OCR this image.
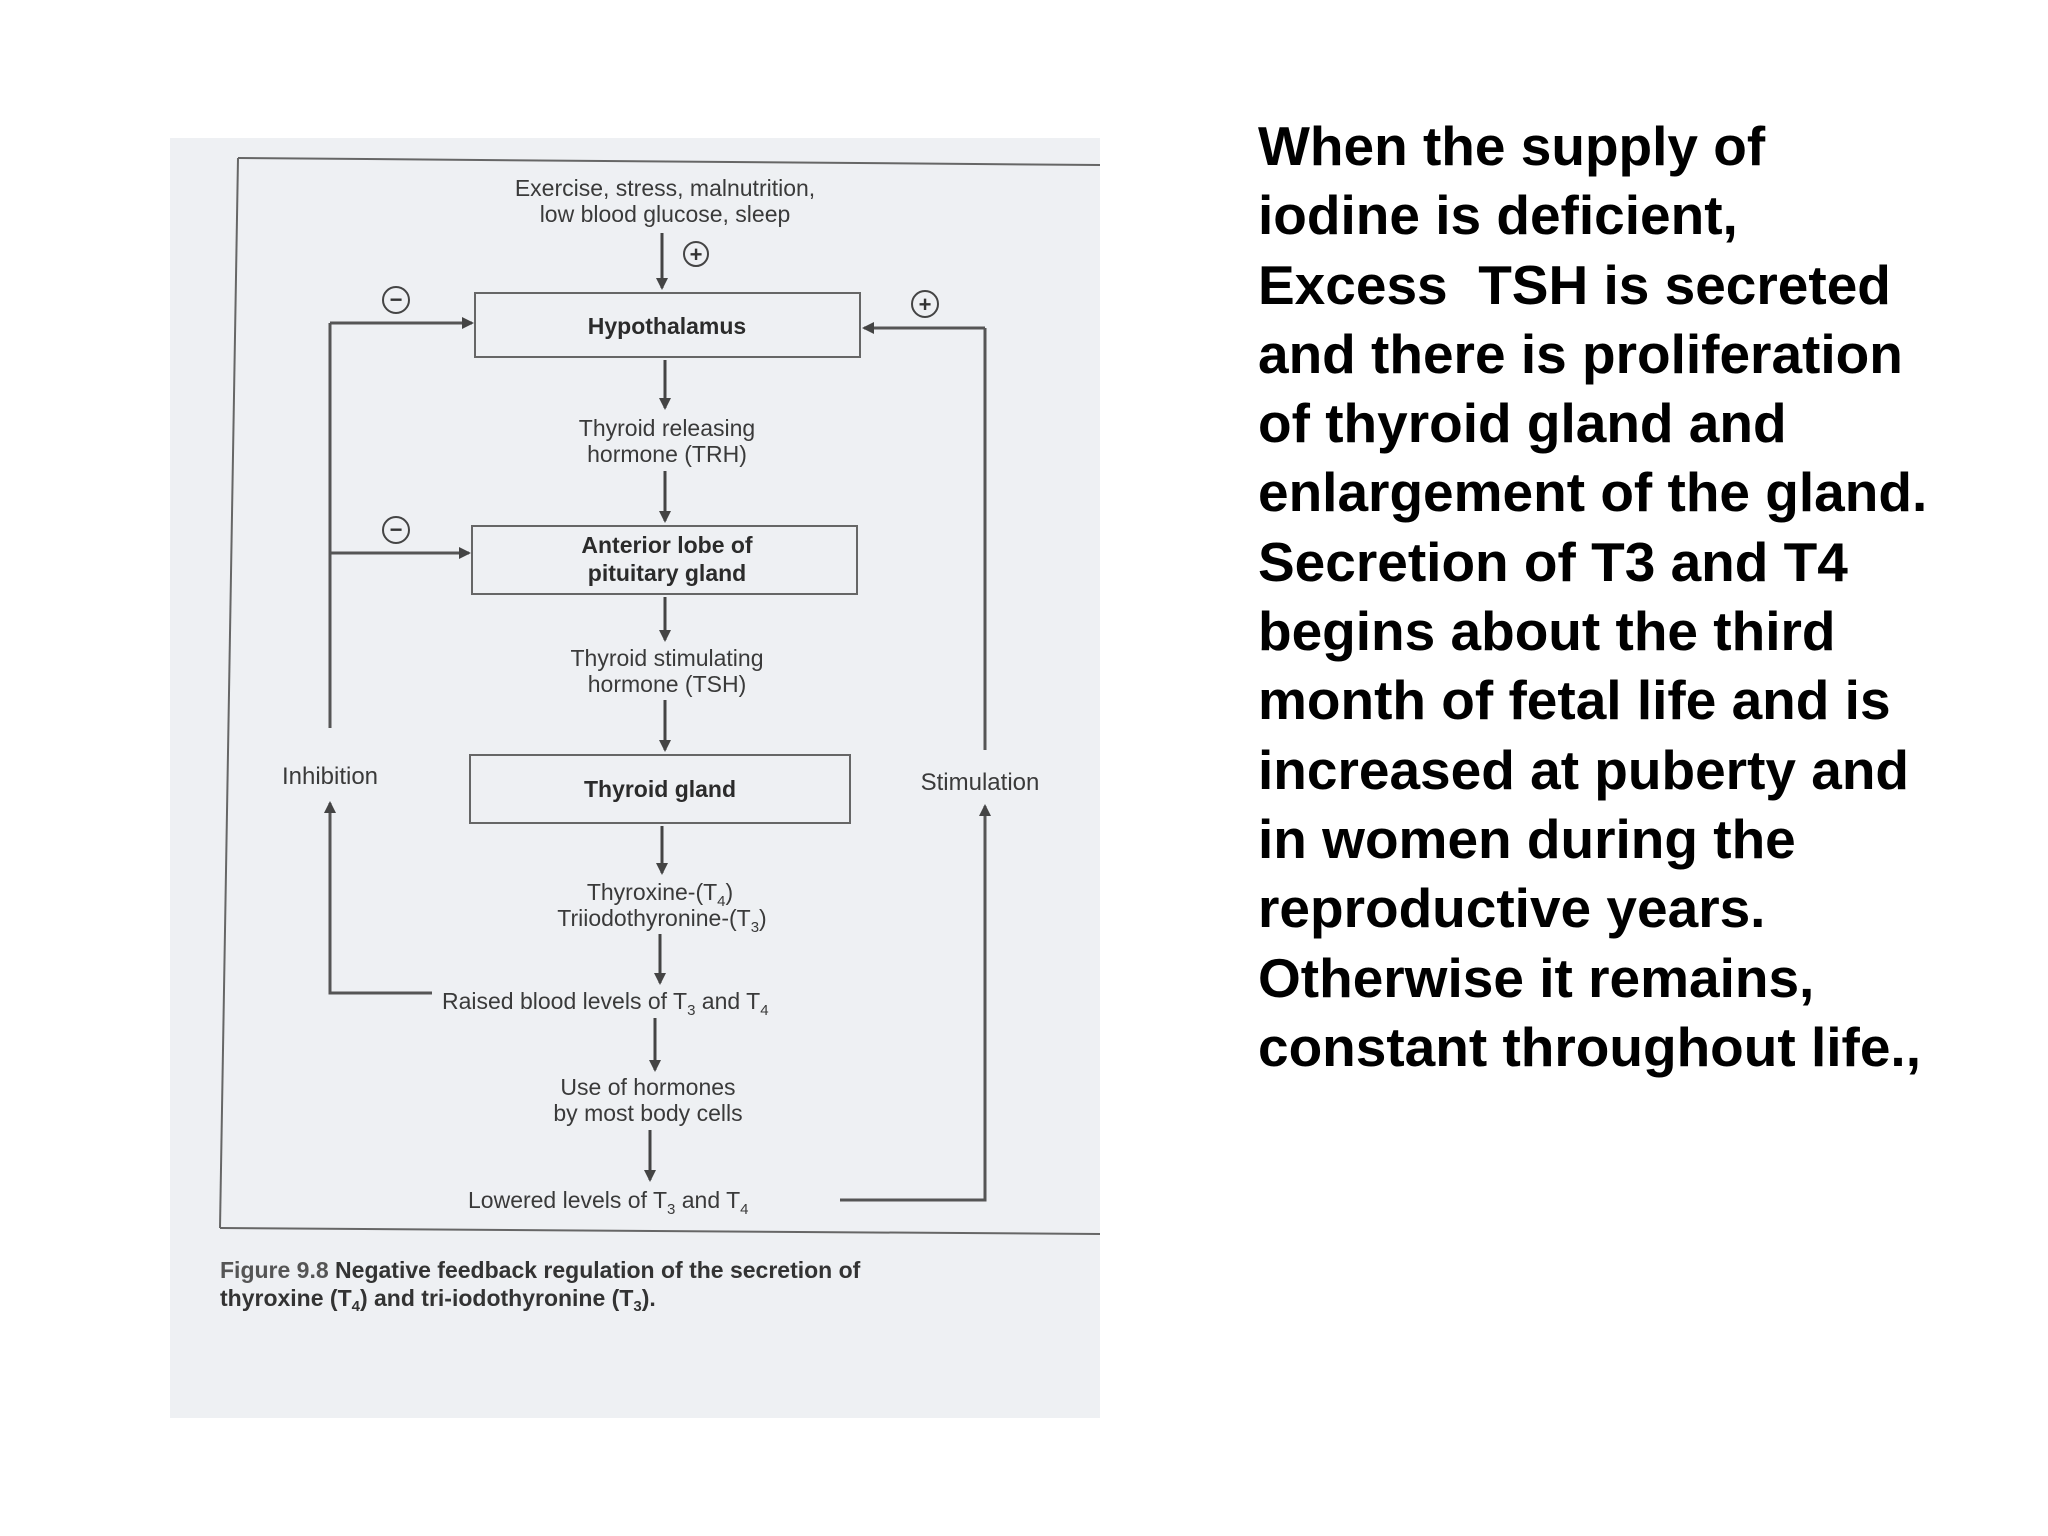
Exercise, stress, malnutrition,
low blood glucose, sleep
+
Hypothalamus
Thyroid releasing
hormone (TRH)
Anterior lobe of
pituitary gland
Thyroid stimulating
hormone (TSH)
Thyroid gland
Thyroxine-$(T_4)$
Triiodothyronine-$(T_3)$
Raised blood levels of $T_3$ and $T_4$
Use of hormones
by most body cells
Lowered levels of $T_3$ and $T_4$
Inhibition
−
−
Stimulation
+
Figure 9.8 Negative feedback regulation of the secretion of
thyroxine $(T_4)$ and tri-iodothyronine $(T_3)$.
When the supply of
iodine is deficient,
Excess  TSH is secreted
and there is proliferation
of thyroid gland and
enlargement of the gland.
Secretion of T3 and T4
begins about the third
month of fetal life and is
increased at puberty and
in women during the
reproductive years.
Otherwise it remains,
constant throughout life.,
